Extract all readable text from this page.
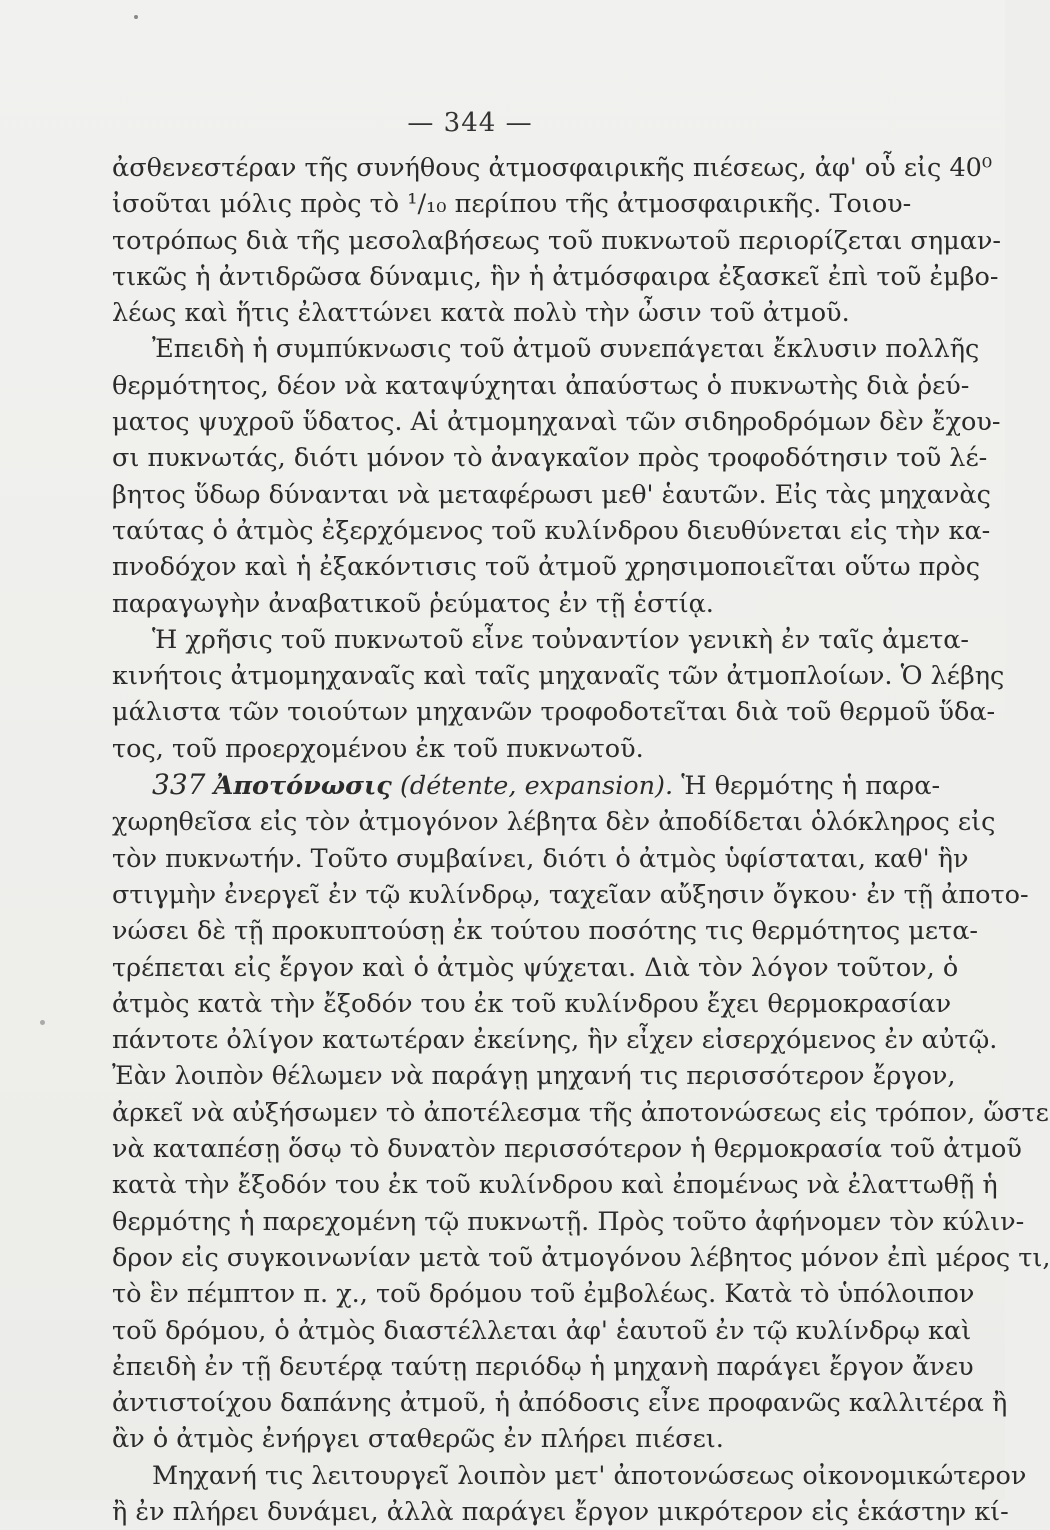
— 344 —
ἀσθενεστέραν τῆς συνήθους ἀτμοσφαιρικῆς πιέσεως, ἀφ' οὗ εἰς 40⁰
ἰσοῦται μόλις πρὸς τὸ ¹/₁₀ περίπου τῆς ἀτμοσφαιρικῆς. Τοιου-
τοτρόπως διὰ τῆς μεσολαβήσεως τοῦ πυκνωτοῦ περιορίζεται σημαν-
τικῶς ἡ ἀντιδρῶσα δύναμις, ἣν ἡ ἀτμόσφαιρα ἐξασκεῖ ἐπὶ τοῦ ἐμβο-
λέως καὶ ἥτις ἐλαττώνει κατὰ πολὺ τὴν ὦσιν τοῦ ἀτμοῦ.
Ἐπειδὴ ἡ συμπύκνωσις τοῦ ἀτμοῦ συνεπάγεται ἔκλυσιν πολλῆς
θερμότητος, δέον νὰ καταψύχηται ἀπαύστως ὁ πυκνωτὴς διὰ ῥεύ-
ματος ψυχροῦ ὕδατος. Αἱ ἀτμομηχαναὶ τῶν σιδηροδρόμων δὲν ἔχου-
σι πυκνωτάς, διότι μόνον τὸ ἀναγκαῖον πρὸς τροφοδότησιν τοῦ λέ-
βητος ὕδωρ δύνανται νὰ μεταφέρωσι μεθ' ἑαυτῶν. Εἰς τὰς μηχανὰς
ταύτας ὁ ἀτμὸς ἐξερχόμενος τοῦ κυλίνδρου διευθύνεται εἰς τὴν κα-
πνοδόχον καὶ ἡ ἐξακόντισις τοῦ ἀτμοῦ χρησιμοποιεῖται οὕτω πρὸς
παραγωγὴν ἀναβατικοῦ ῥεύματος ἐν τῇ ἑστίᾳ.
Ἡ χρῆσις τοῦ πυκνωτοῦ εἶνε τοὐναντίον γενικὴ ἐν ταῖς ἀμετα-
κινήτοις ἀτμομηχαναῖς καὶ ταῖς μηχαναῖς τῶν ἀτμοπλοίων. Ὁ λέβης
μάλιστα τῶν τοιούτων μηχανῶν τροφοδοτεῖται διὰ τοῦ θερμοῦ ὕδα-
τος, τοῦ προερχομένου ἐκ τοῦ πυκνωτοῦ.
337 Ἀποτόνωσις (détente, expansion). Ἡ θερμότης ἡ παρα-
χωρηθεῖσα εἰς τὸν ἀτμογόνον λέβητα δὲν ἀποδίδεται ὁλόκληρος εἰς
τὸν πυκνωτήν. Τοῦτο συμβαίνει, διότι ὁ ἀτμὸς ὑφίσταται, καθ' ἣν
στιγμὴν ἐνεργεῖ ἐν τῷ κυλίνδρῳ, ταχεῖαν αὔξησιν ὄγκου· ἐν τῇ ἀποτο-
νώσει δὲ τῇ προκυπτούσῃ ἐκ τούτου ποσότης τις θερμότητος μετα-
τρέπεται εἰς ἔργον καὶ ὁ ἀτμὸς ψύχεται. Διὰ τὸν λόγον τοῦτον, ὁ
ἀτμὸς κατὰ τὴν ἔξοδόν του ἐκ τοῦ κυλίνδρου ἔχει θερμοκρασίαν
πάντοτε ὀλίγον κατωτέραν ἐκείνης, ἣν εἶχεν εἰσερχόμενος ἐν αὐτῷ.
Ἐὰν λοιπὸν θέλωμεν νὰ παράγῃ μηχανή τις περισσότερον ἔργον,
ἀρκεῖ νὰ αὐξήσωμεν τὸ ἀποτέλεσμα τῆς ἀποτονώσεως εἰς τρόπον, ὥστε
νὰ καταπέσῃ ὅσῳ τὸ δυνατὸν περισσότερον ἡ θερμοκρασία τοῦ ἀτμοῦ
κατὰ τὴν ἔξοδόν του ἐκ τοῦ κυλίνδρου καὶ ἐπομένως νὰ ἐλαττωθῇ ἡ
θερμότης ἡ παρεχομένη τῷ πυκνωτῇ. Πρὸς τοῦτο ἀφήνομεν τὸν κύλιν-
δρον εἰς συγκοινωνίαν μετὰ τοῦ ἀτμογόνου λέβητος μόνον ἐπὶ μέρος τι,
τὸ ἓν πέμπτον π. χ., τοῦ δρόμου τοῦ ἐμβολέως. Κατὰ τὸ ὑπόλοιπον
τοῦ δρόμου, ὁ ἀτμὸς διαστέλλεται ἀφ' ἑαυτοῦ ἐν τῷ κυλίνδρῳ καὶ
ἐπειδὴ ἐν τῇ δευτέρᾳ ταύτῃ περιόδῳ ἡ μηχανὴ παράγει ἔργον ἄνευ
ἀντιστοίχου δαπάνης ἀτμοῦ, ἡ ἀπόδοσις εἶνε προφανῶς καλλιτέρα ἢ
ἂν ὁ ἀτμὸς ἐνήργει σταθερῶς ἐν πλήρει πιέσει.
Μηχανή τις λειτουργεῖ λοιπὸν μετ' ἀποτονώσεως οἰκονομικώτερον
ἢ ἐν πλήρει δυνάμει, ἀλλὰ παράγει ἔργον μικρότερον εἰς ἑκάστην κί-
